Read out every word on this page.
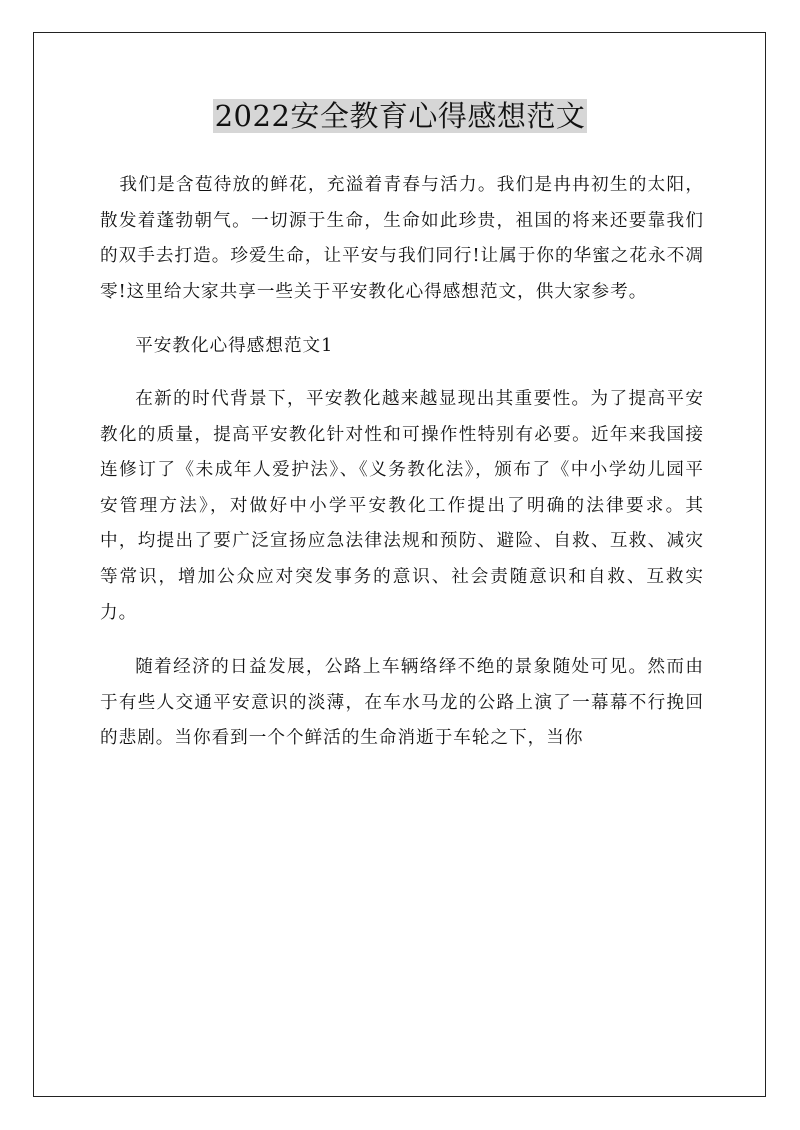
2022安全教育心得感想范文

我们是含苞待放的鲜花，充溢着青春与活力。我们是冉冉初生的太阳，散发着蓬勃朝气。一切源于生命，生命如此珍贵，祖国的将来还要靠我们的双手去打造。珍爱生命，让平安与我们同行!让属于你的华蜜之花永不凋零!这里给大家共享一些关于平安教化心得感想范文，供大家参考。

平安教化心得感想范文1

在新的时代背景下，平安教化越来越显现出其重要性。为了提高平安教化的质量，提高平安教化针对性和可操作性特别有必要。近年来我国接连修订了《未成年人爱护法》、《义务教化法》，颁布了《中小学幼儿园平安管理方法》，对做好中小学平安教化工作提出了明确的法律要求。其中，均提出了要广泛宣扬应急法律法规和预防、避险、自救、互救、减灾等常识，增加公众应对突发事务的意识、社会责随意识和自救、互救实力。

随着经济的日益发展，公路上车辆络绎不绝的景象随处可见。然而由于有些人交通平安意识的淡薄，在车水马龙的公路上演了一幕幕不行挽回的悲剧。当你看到一个个鲜活的生命消逝于车轮之下，当你
